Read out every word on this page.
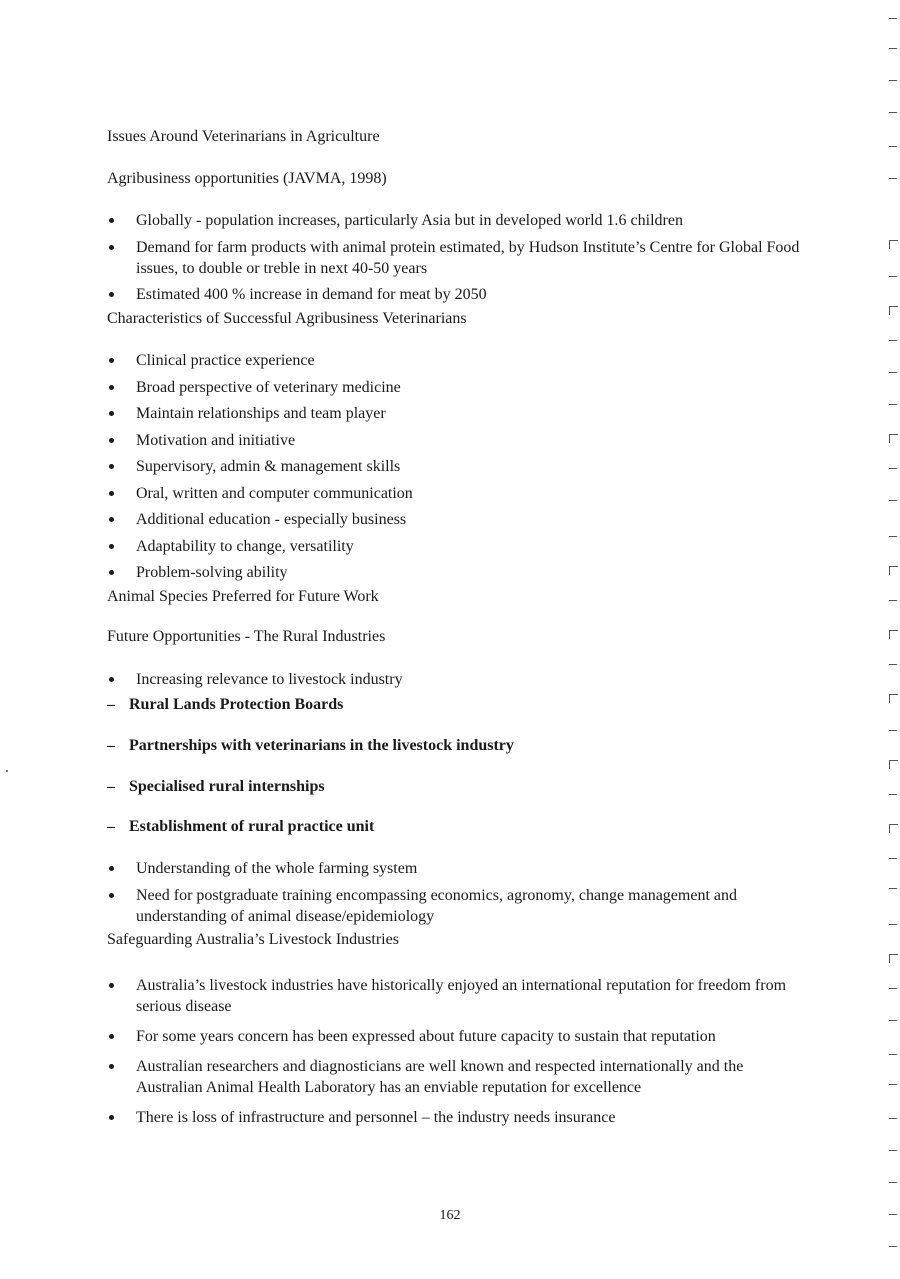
Issues Around Veterinarians in Agriculture
Agribusiness opportunities (JAVMA, 1998)
Globally - population increases, particularly Asia but in developed world 1.6 children
Demand for farm products with animal protein estimated, by Hudson Institute’s Centre for Global Food issues, to double or treble in next 40-50 years
Estimated 400 % increase in demand for meat by 2050
Characteristics of Successful Agribusiness Veterinarians
Clinical practice experience
Broad perspective of veterinary medicine
Maintain relationships and team player
Motivation and initiative
Supervisory, admin & management skills
Oral, written and computer communication
Additional education - especially business
Adaptability to change, versatility
Problem-solving ability
Animal Species Preferred for Future Work
Future Opportunities - The Rural Industries
Increasing relevance to livestock industry

– Rural Lands Protection Boards

– Partnerships with veterinarians in the livestock industry

– Specialised rural internships

– Establishment of rural practice unit

Understanding of the whole farming system
Need for postgraduate training encompassing economics, agronomy, change management and understanding of animal disease/epidemiology
Safeguarding Australia’s Livestock Industries
Australia’s livestock industries have historically enjoyed an international reputation for freedom from serious disease
For some years concern has been expressed about future capacity to sustain that reputation
Australian researchers and diagnosticians are well known and respected internationally and the Australian Animal Health Laboratory has an enviable reputation for excellence
There is loss of infrastructure and personnel – the industry needs insurance
162
